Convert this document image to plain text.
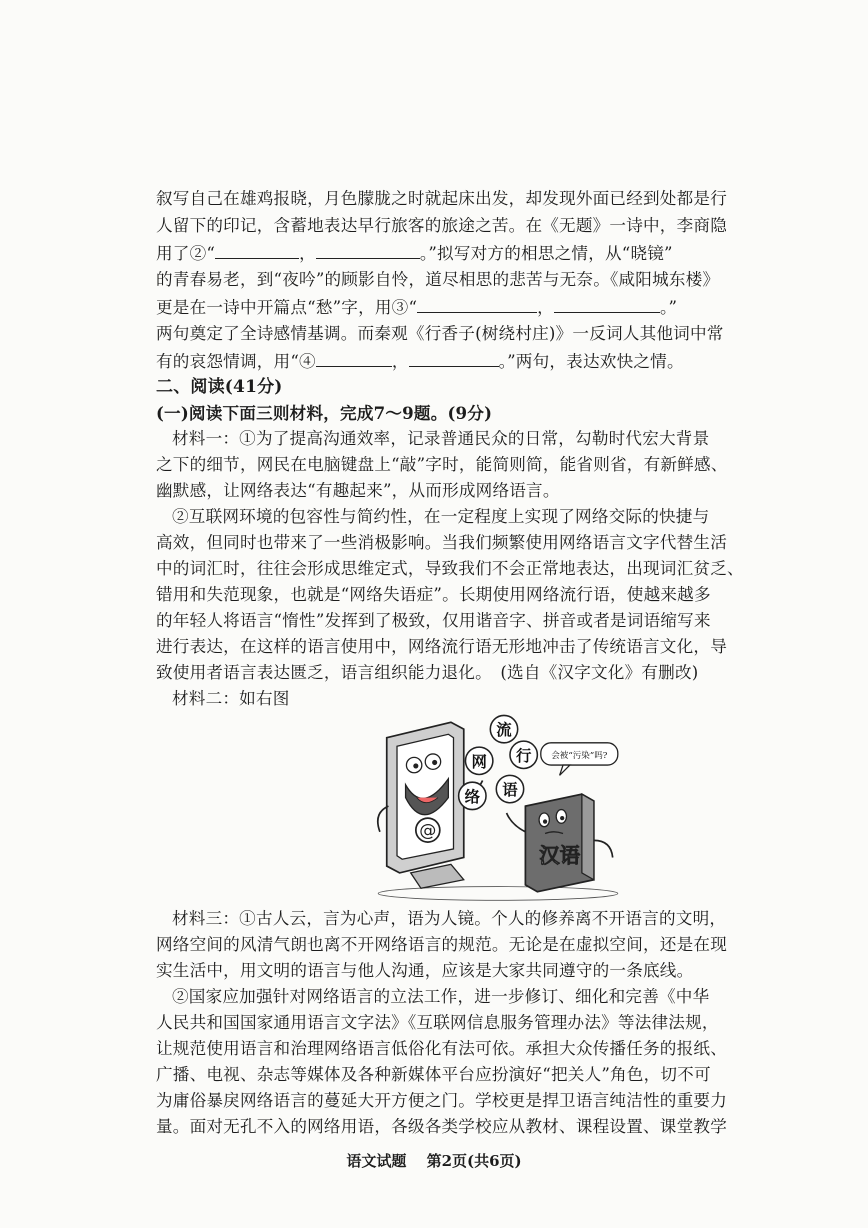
叙写自己在雄鸡报晓，月色朦胧之时就起床出发，却发现外面已经到处都是行
人留下的印记，含蓄地表达早行旅客的旅途之苦。在《无题》一诗中，李商隐
用了②“	，	。”拟写对方的相思之情，从“晓镜”
的青春易老，到“夜吟”的顾影自怜，道尽相思的悲苦与无奈。《咸阳城东楼》
更是在一诗中开篇点“愁”字，用③“	，	。”
两句奠定了全诗感情基调。而秦观《行香子(树绕村庄)》一反词人其他词中常
有的哀怨情调，用“④	，	。”两句，表达欢快之情。
二、阅读(41分)
(一)阅读下面三则材料，完成7～9题。(9分)
材料一：①为了提高沟通效率，记录普通民众的日常，勾勒时代宏大背景
之下的细节，网民在电脑键盘上“敲”字时，能简则简，能省则省，有新鲜感、
幽默感，让网络表达“有趣起来”，从而形成网络语言。
②互联网环境的包容性与简约性，在一定程度上实现了网络交际的快捷与
高效，但同时也带来了一些消极影响。当我们频繁使用网络语言文字代替生活
中的词汇时，往往会形成思维定式，导致我们不会正常地表达，出现词汇贫乏、
错用和失范现象，也就是“网络失语症”。长期使用网络流行语，使越来越多
的年轻人将语言“惰性”发挥到了极致，仅用谐音字、拼音或者是词语缩写来
进行表达，在这样的语言使用中，网络流行语无形地冲击了传统语言文化，导
致使用者语言表达匮乏，语言组织能力退化。　(选自《汉字文化》有删改)
材料二：如右图
@
流
网 行
络 语
会被“污染”吗?
汉语
材料三：①古人云，言为心声，语为人镜。个人的修养离不开语言的文明，
网络空间的风清气朗也离不开网络语言的规范。无论是在虚拟空间，还是在现
实生活中，用文明的语言与他人沟通，应该是大家共同遵守的一条底线。
②国家应加强针对网络语言的立法工作，进一步修订、细化和完善《中华
人民共和国国家通用语言文字法》《互联网信息服务管理办法》等法律法规，
让规范使用语言和治理网络语言低俗化有法可依。承担大众传播任务的报纸、
广播、电视、杂志等媒体及各种新媒体平台应扮演好“把关人”角色，切不可
为庸俗暴戾网络语言的蔓延大开方便之门。学校更是捍卫语言纯洁性的重要力
量。面对无孔不入的网络用语，各级各类学校应从教材、课程设置、课堂教学
语文试题　 第2页(共6页)
